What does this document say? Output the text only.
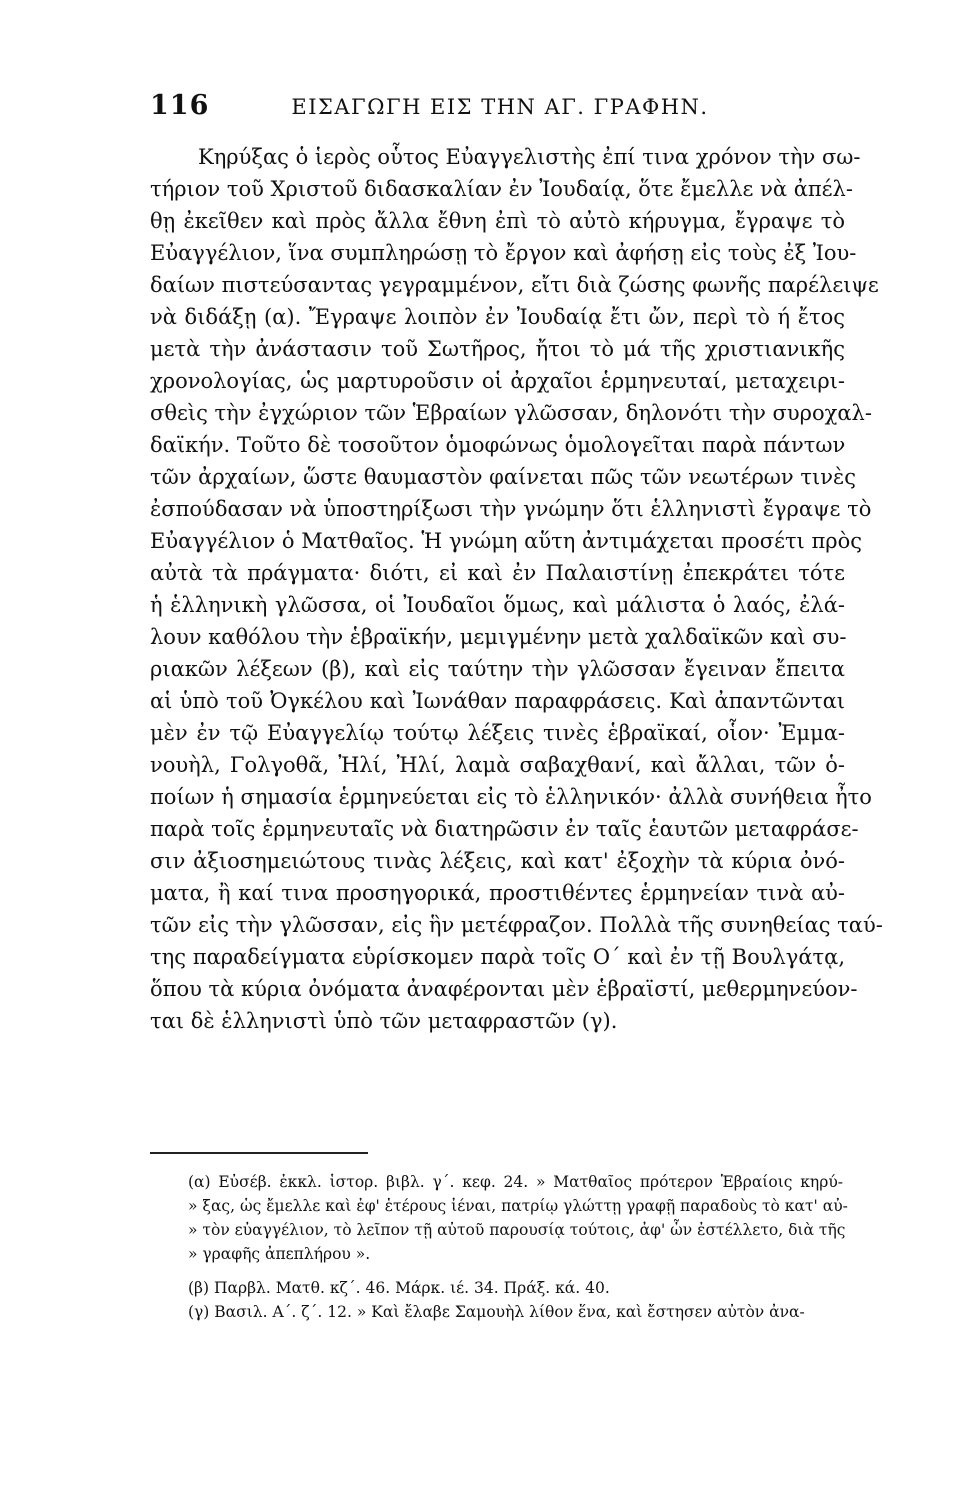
116	ΕΙΣΑΓΩΓΗ ΕΙΣ ΤΗΝ ΑΓ. ΓΡΑΦΗΝ.
Κηρύξας ὁ ἱερὸς οὗτος Εὐαγγελιστὴς ἐπί τινα χρόνον τὴν σω-
τήριον τοῦ Χριστοῦ διδασκαλίαν ἐν Ἰουδαίᾳ, ὅτε ἔμελλε νὰ ἀπέλ-
θῃ ἐκεῖθεν καὶ πρὸς ἄλλα ἔθνη ἐπὶ τὸ αὐτὸ κήρυγμα, ἔγραψε τὸ
Εὐαγγέλιον, ἵνα συμπληρώσῃ τὸ ἔργον καὶ ἀφήσῃ εἰς τοὺς ἐξ Ἰου-
δαίων πιστεύσαντας γεγραμμένον, εἴτι διὰ ζώσης φωνῆς παρέλειψε
νὰ διδάξῃ (α). Ἔγραψε λοιπὸν ἐν Ἰουδαίᾳ ἔτι ὤν, περὶ τὸ ή ἔτος
μετὰ τὴν ἀνάστασιν τοῦ Σωτῆρος, ἤτοι τὸ μά τῆς χριστιανικῆς
χρονολογίας, ὡς μαρτυροῦσιν οἱ ἀρχαῖοι ἑρμηνευταί, μεταχειρι-
σθεὶς τὴν ἐγχώριον τῶν Ἑβραίων γλῶσσαν, δηλονότι τὴν συροχαλ-
δαϊκήν. Τοῦτο δὲ τοσοῦτον ὁμοφώνως ὁμολογεῖται παρὰ πάντων
τῶν ἀρχαίων, ὥστε θαυμαστὸν φαίνεται πῶς τῶν νεωτέρων τινὲς
ἐσπούδασαν νὰ ὑποστηρίξωσι τὴν γνώμην ὅτι ἑλληνιστὶ ἔγραψε τὸ
Εὐαγγέλιον ὁ Ματθαῖος. Ἡ γνώμη αὕτη ἀντιμάχεται προσέτι πρὸς
αὐτὰ τὰ πράγματα· διότι, εἰ καὶ ἐν Παλαιστίνῃ ἐπεκράτει τότε
ἡ ἑλληνικὴ γλῶσσα, οἱ Ἰουδαῖοι ὅμως, καὶ μάλιστα ὁ λαός, ἐλά-
λουν καθόλου τὴν ἑβραϊκήν, μεμιγμένην μετὰ χαλδαϊκῶν καὶ συ-
ριακῶν λέξεων (β), καὶ εἰς ταύτην τὴν γλῶσσαν ἔγειναν ἔπειτα
αἱ ὑπὸ τοῦ Ὀγκέλου καὶ Ἰωνάθαν παραφράσεις. Καὶ ἀπαντῶνται
μὲν ἐν τῷ Εὐαγγελίῳ τούτῳ λέξεις τινὲς ἑβραϊκαί, οἷον· Ἐμμα-
νουὴλ, Γολγοθᾶ, Ἠλί, Ἠλί, λαμὰ σαβαχθανί, καὶ ἄλλαι, τῶν ὁ-
ποίων ἡ σημασία ἑρμηνεύεται εἰς τὸ ἑλληνικόν· ἀλλὰ συνήθεια ἦτο
παρὰ τοῖς ἑρμηνευταῖς νὰ διατηρῶσιν ἐν ταῖς ἑαυτῶν μεταφράσε-
σιν ἀξιοσημειώτους τινὰς λέξεις, καὶ κατ' ἐξοχὴν τὰ κύρια ὀνό-
ματα, ἢ καί τινα προσηγορικά, προστιθέντες ἑρμηνείαν τινὰ αὐ-
τῶν εἰς τὴν γλῶσσαν, εἰς ἣν μετέφραζον. Πολλὰ τῆς συνηθείας ταύ-
της παραδείγματα εὑρίσκομεν παρὰ τοῖς Ο΄ καὶ ἐν τῇ Βουλγάτᾳ,
ὅπου τὰ κύρια ὀνόματα ἀναφέρονται μὲν ἑβραϊστί, μεθερμηνεύον-
ται δὲ ἑλληνιστὶ ὑπὸ τῶν μεταφραστῶν (γ).
(α) Εὐσέβ. ἐκκλ. ἱστορ. βιβλ. γ΄. κεφ. 24. » Ματθαῖος πρότερον Ἑβραίοις κηρύ-
» ξας, ὡς ἔμελλε καὶ ἐφ' ἑτέρους ἰέναι, πατρίῳ γλώττῃ γραφῇ παραδοὺς τὸ κατ' αὐ-
» τὸν εὐαγγέλιον, τὸ λεῖπον τῇ αὐτοῦ παρουσίᾳ τούτοις, ἀφ' ὧν ἐστέλλετο, διὰ τῆς
» γραφῆς ἀπεπλήρου ».
(β) Παρβλ. Ματθ. κζ΄. 46. Μάρκ. ιέ. 34. Πράξ. κά. 40.
(γ) Βασιλ. Α΄. ζ΄. 12. » Καὶ ἔλαβε Σαμουὴλ λίθον ἕνα, καὶ ἔστησεν αὐτὸν ἀνα-
